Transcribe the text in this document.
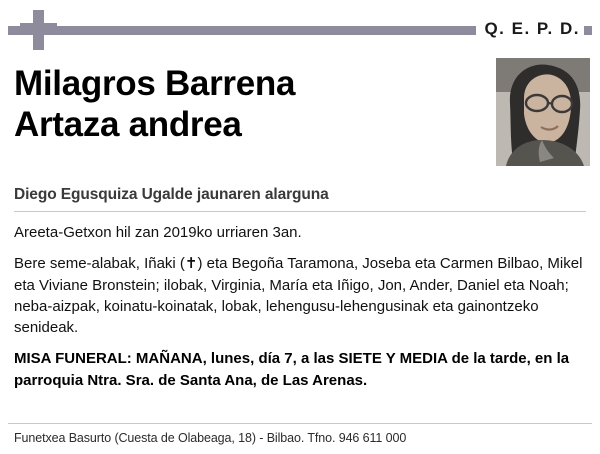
Q. E. P. D.
Milagros Barrena
Artaza andrea
Diego Egusquiza Ugalde jaunaren alarguna

Areeta-Getxon hil zan 2019ko urriaren 3an.

Bere seme-alabak, Iñaki (✝) eta Begoña Taramona, Joseba eta Carmen Bilbao, Mikel eta Viviane Bronstein; ilobak, Virginia, María eta Iñigo, Jon, Ander, Daniel eta Noah; neba-aizpak, koinatu-koinatak, lobak, lehengusu-lehengusinak eta gainontzeko senideak.

MISA FUNERAL: MAÑANA, lunes, día 7, a las SIETE Y MEDIA de la tarde, en la parroquia Ntra. Sra. de Santa Ana, de Las Arenas.

Funetxea Basurto (Cuesta de Olabeaga, 18) - Bilbao. Tfno. 946 611 000
